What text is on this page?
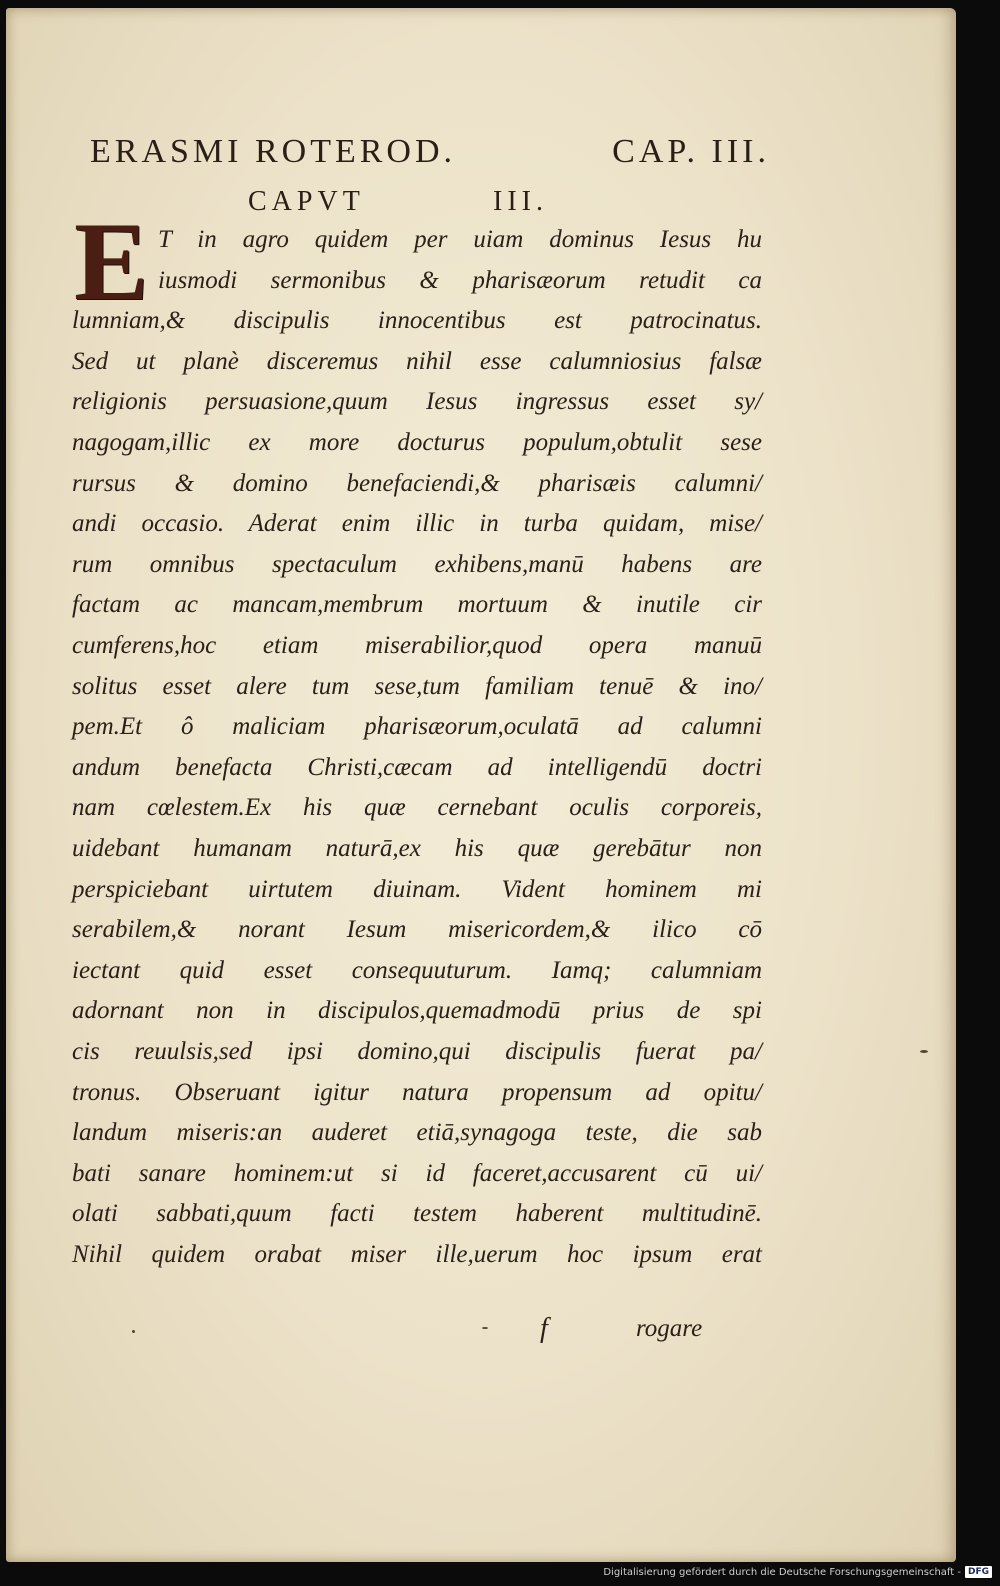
ERASMI ROTEROD.	CAP. III.
CAPVT	III.
E T in agro quidem per uiam dominus Iesus hu
iusmodi sermonibus & pharisæorum retudit ca
lumniam,& discipulis innocentibus est patrocinatus.
Sed ut planè disceremus nihil esse calumniosius falsæ
religionis persuasione,quum Iesus ingressus esset sy/
nagogam,illic ex more docturus populum,obtulit sese
rursus & domino benefaciendi,& pharisæis calumni/
andi occasio. Aderat enim illic in turba quidam, mise/
rum omnibus spectaculum exhibens,manū habens are
factam ac mancam,membrum mortuum & inutile cir
cumferens,hoc etiam miserabilior,quod opera manuū
solitus esset alere tum sese,tum familiam tenuē & ino/
pem.Et ô maliciam pharisæorum,oculatā ad calumni
andum benefacta Christi,cæcam ad intelligendū doctri
nam cœlestem.Ex his quæ cernebant oculis corporeis,
uidebant humanam naturā,ex his quæ gerebātur non
perspiciebant uirtutem diuinam. Vident hominem mi
serabilem,& norant Iesum misericordem,& ilico cō
iectant quid esset consequuturum. Iamq; calumniam
adornant non in discipulos,quemadmodū prius de spi
cis reuulsis,sed ipsi domino,qui discipulis fuerat pa/
tronus. Obseruant igitur natura propensum ad opitu/
landum miseris:an auderet etiā,synagoga teste, die sab
bati sanare hominem:ut si id faceret,accusarent cū ui/
olati sabbati,quum facti testem haberent multitudinē.
Nihil quidem orabat miser ille,uerum hoc ipsum erat
f	rogare
Digitalisierung gefördert durch die Deutsche Forschungsgemeinschaft - DFG
